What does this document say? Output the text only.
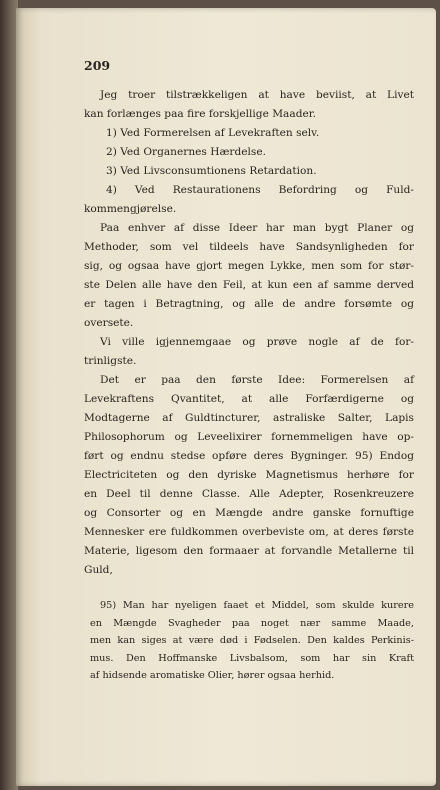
209
Jeg troer tilstrækkeligen at have beviist, at Livet
kan forlænges paa fire forskjellige Maader.
1) Ved Formerelsen af Levekraften selv.
2) Ved Organernes Hærdelse.
3) Ved Livsconsumtionens Retardation.
4) Ved Restaurationens Befordring og Fuld-
kommengjørelse.
Paa enhver af disse Ideer har man bygt Planer og
Methoder, som vel tildeels have Sandsynligheden for
sig, og ogsaa have gjort megen Lykke, men som for stør-
ste Delen alle have den Feil, at kun een af samme derved
er tagen i Betragtning, og alle de andre forsømte og
oversete.
Vi ville igjennemgaae og prøve nogle af de for-
trinligste.
Det er paa den første Idee: Formerelsen af
Levekraftens Qvantitet, at alle Forfærdigerne og
Modtagerne af Guldtincturer, astraliske Salter, Lapis
Philosophorum og Leveelixirer fornemmeligen have op-
ført og endnu stedse opføre deres Bygninger. 95) Endog
Electriciteten og den dyriske Magnetismus herhøre for
en Deel til denne Classe. Alle Adepter, Rosenkreuzere
og Consorter og en Mængde andre ganske fornuftige
Mennesker ere fuldkommen overbeviste om, at deres første
Materie, ligesom den formaaer at forvandle Metallerne til
Guld,
95) Man har nyeligen faaet et Middel, som skulde kurere
en Mængde Svagheder paa noget nær samme Maade,
men kan siges at være død i Fødselen. Den kaldes Perkinis-
mus. Den Hoffmanske Livsbalsom, som har sin Kraft
af hidsende aromatiske Olier, hører ogsaa herhid.
